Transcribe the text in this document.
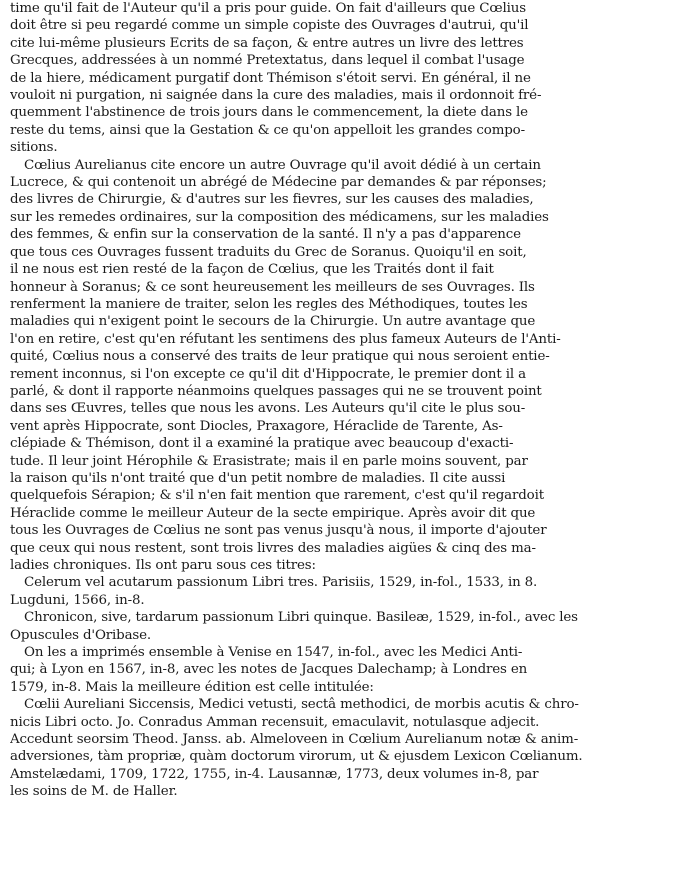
time qu'il fait de l'Auteur qu'il a pris pour guide. On fait d'ailleurs que Cœlius
doit être si peu regardé comme un simple copiste des Ouvrages d'autrui, qu'il
cite lui-même plusieurs Ecrits de sa façon, & entre autres un livre des lettres
Grecques, addressées à un nommé Pretextatus, dans lequel il combat l'usage
de la hiere, médicament purgatif dont Thémison s'étoit servi. En général, il ne
vouloit ni purgation, ni saignée dans la cure des maladies, mais il ordonnoit fré-
quemment l'abstinence de trois jours dans le commencement, la diete dans le
reste du tems, ainsi que la Gestation & ce qu'on appelloit les grandes compo-
sitions.
Cœlius Aurelianus cite encore un autre Ouvrage qu'il avoit dédié à un certain
Lucrece, & qui contenoit un abrégé de Médecine par demandes & par réponses;
des livres de Chirurgie, & d'autres sur les fievres, sur les causes des maladies,
sur les remedes ordinaires, sur la composition des médicamens, sur les maladies
des femmes, & enfin sur la conservation de la santé. Il n'y a pas d'apparence
que tous ces Ouvrages fussent traduits du Grec de Soranus. Quoiqu'il en soit,
il ne nous est rien resté de la façon de Cœlius, que les Traités dont il fait
honneur à Soranus; & ce sont heureusement les meilleurs de ses Ouvrages. Ils
renferment la maniere de traiter, selon les regles des Méthodiques, toutes les
maladies qui n'exigent point le secours de la Chirurgie. Un autre avantage que
l'on en retire, c'est qu'en réfutant les sentimens des plus fameux Auteurs de l'Anti-
quité, Cœlius nous a conservé des traits de leur pratique qui nous seroient entie-
rement inconnus, si l'on excepte ce qu'il dit d'Hippocrate, le premier dont il a
parlé, & dont il rapporte néanmoins quelques passages qui ne se trouvent point
dans ses Œuvres, telles que nous les avons. Les Auteurs qu'il cite le plus sou-
vent après Hippocrate, sont Diocles, Praxagore, Héraclide de Tarente, As-
clépiade & Thémison, dont il a examiné la pratique avec beaucoup d'exacti-
tude. Il leur joint Hérophile & Erasistrate; mais il en parle moins souvent, par
la raison qu'ils n'ont traité que d'un petit nombre de maladies. Il cite aussi
quelquefois Sérapion; & s'il n'en fait mention que rarement, c'est qu'il regardoit
Héraclide comme le meilleur Auteur de la secte empirique. Après avoir dit que
tous les Ouvrages de Cœlius ne sont pas venus jusqu'à nous, il importe d'ajouter
que ceux qui nous restent, sont trois livres des maladies aigües & cinq des ma-
ladies chroniques. Ils ont paru sous ces titres:
Celerum vel acutarum passionum Libri tres. Parisiis, 1529, in-fol., 1533, in 8.
Lugduni, 1566, in-8.
Chronicon, sive, tardarum passionum Libri quinque. Basileæ, 1529, in-fol., avec les
Opuscules d'Oribase.
On les a imprimés ensemble à Venise en 1547, in-fol., avec les Medici Anti-
qui; à Lyon en 1567, in-8, avec les notes de Jacques Dalechamp; à Londres en
1579, in-8. Mais la meilleure édition est celle intitulée:
Cœlii Aureliani Siccensis, Medici vetusti, sectâ methodici, de morbis acutis & chro-
nicis Libri octo. Jo. Conradus Amman recensuit, emaculavit, notulasque adjecit.
Accedunt seorsim Theod. Janss. ab. Almeloveen in Cœlium Aurelianum notæ & anim-
adversiones, tàm propriæ, quàm doctorum virorum, ut & ejusdem Lexicon Cœlianum.
Amstelædami, 1709, 1722, 1755, in-4. Lausannæ, 1773, deux volumes in-8, par
les soins de M. de Haller.
